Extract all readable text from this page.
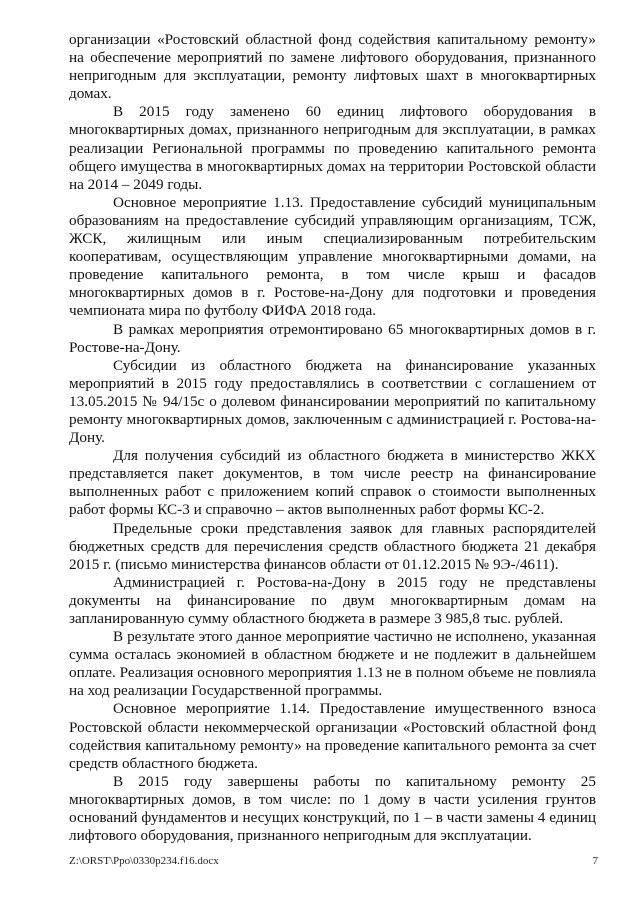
организации «Ростовский областной фонд содействия капитальному ремонту» на обеспечение мероприятий по замене лифтового оборудования, признанного непригодным для эксплуатации, ремонту лифтовых шахт в многоквартирных домах.

В 2015 году заменено 60 единиц лифтового оборудования в многоквартирных домах, признанного непригодным для эксплуатации, в рамках реализации Региональной программы по проведению капитального ремонта общего имущества в многоквартирных домах на территории Ростовской области на 2014 – 2049 годы.

Основное мероприятие 1.13. Предоставление субсидий муниципальным образованиям на предоставление субсидий управляющим организациям, ТСЖ, ЖСК, жилищным или иным специализированным потребительским кооперативам, осуществляющим управление многоквартирными домами, на проведение капитального ремонта, в том числе крыш и фасадов многоквартирных домов в г. Ростове-на-Дону для подготовки и проведения чемпионата мира по футболу ФИФА 2018 года.

В рамках мероприятия отремонтировано 65 многоквартирных домов в г. Ростове-на-Дону.

Субсидии из областного бюджета на финансирование указанных мероприятий в 2015 году предоставлялись в соответствии с соглашением от 13.05.2015 № 94/15с о долевом финансировании мероприятий по капитальному ремонту многоквартирных домов, заключенным с администрацией г. Ростова-на-Дону.

Для получения субсидий из областного бюджета в министерство ЖКХ представляется пакет документов, в том числе реестр на финансирование выполненных работ с приложением копий справок о стоимости выполненных работ формы КС-3 и справочно – актов выполненных работ формы КС-2.

Предельные сроки представления заявок для главных распорядителей бюджетных средств для перечисления средств областного бюджета 21 декабря 2015 г. (письмо министерства финансов области от 01.12.2015 № 9Э-/4611).

Администрацией г. Ростова-на-Дону в 2015 году не представлены документы на финансирование по двум многоквартирным домам на запланированную сумму областного бюджета в размере 3 985,8 тыс. рублей.

В результате этого данное мероприятие частично не исполнено, указанная сумма осталась экономией в областном бюджете и не подлежит в дальнейшем оплате. Реализация основного мероприятия 1.13 не в полном объеме не повлияла на ход реализации Государственной программы.

Основное мероприятие 1.14. Предоставление имущественного взноса Ростовской области некоммерческой организации «Ростовский областной фонд содействия капитальному ремонту» на проведение капитального ремонта за счет средств областного бюджета.

В 2015 году завершены работы по капитальному ремонту 25 многоквартирных домов, в том числе: по 1 дому в части усиления грунтов оснований фундаментов и несущих конструкций, по 1 – в части замены 4 единиц лифтового оборудования, признанного непригодным для эксплуатации.

Z:\ORST\Ppo\0330p234.f16.docx	7
